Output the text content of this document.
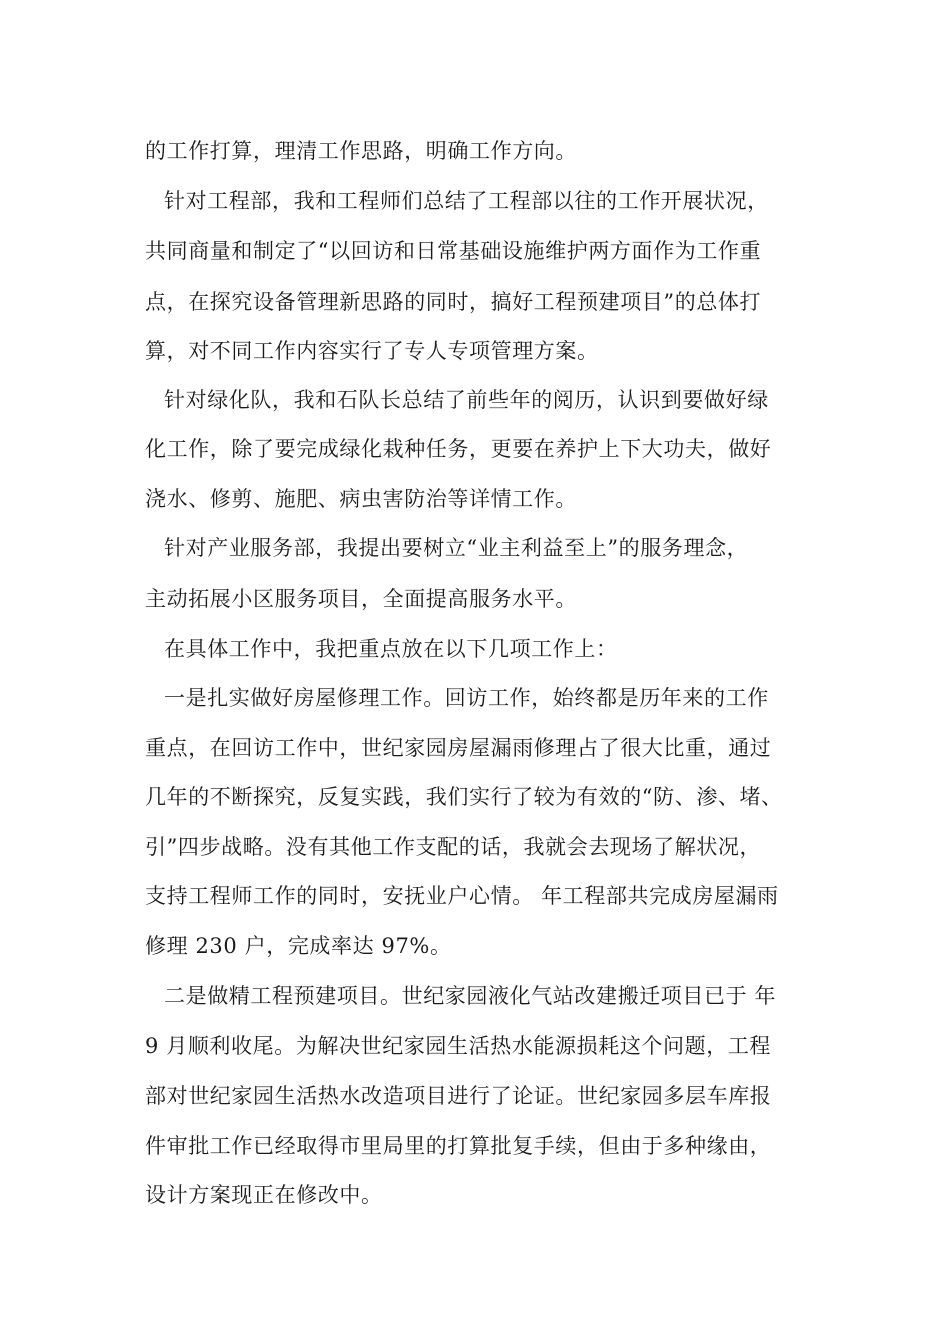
的工作打算，理清工作思路，明确工作方向。
针对工程部，我和工程师们总结了工程部以往的工作开展状况，
共同商量和制定了“以回访和日常基础设施维护两方面作为工作重
点，在探究设备管理新思路的同时，搞好工程预建项目”的总体打
算，对不同工作内容实行了专人专项管理方案。
针对绿化队，我和石队长总结了前些年的阅历，认识到要做好绿
化工作，除了要完成绿化栽种任务，更要在养护上下大功夫，做好
浇水、修剪、施肥、病虫害防治等详情工作。
针对产业服务部，我提出要树立“业主利益至上”的服务理念，
主动拓展小区服务项目，全面提高服务水平。
在具体工作中，我把重点放在以下几项工作上：
一是扎实做好房屋修理工作。回访工作，始终都是历年来的工作
重点，在回访工作中，世纪家园房屋漏雨修理占了很大比重，通过
几年的不断探究，反复实践，我们实行了较为有效的“防、渗、堵、
引”四步战略。没有其他工作支配的话，我就会去现场了解状况，
支持工程师工作的同时，安抚业户心情。 年工程部共完成房屋漏雨
修理 230 户，完成率达 97%。
二是做精工程预建项目。世纪家园液化气站改建搬迁项目已于 年
9 月顺利收尾。为解决世纪家园生活热水能源损耗这个问题，工程
部对世纪家园生活热水改造项目进行了论证。世纪家园多层车库报
件审批工作已经取得市里局里的打算批复手续，但由于多种缘由，
设计方案现正在修改中。
